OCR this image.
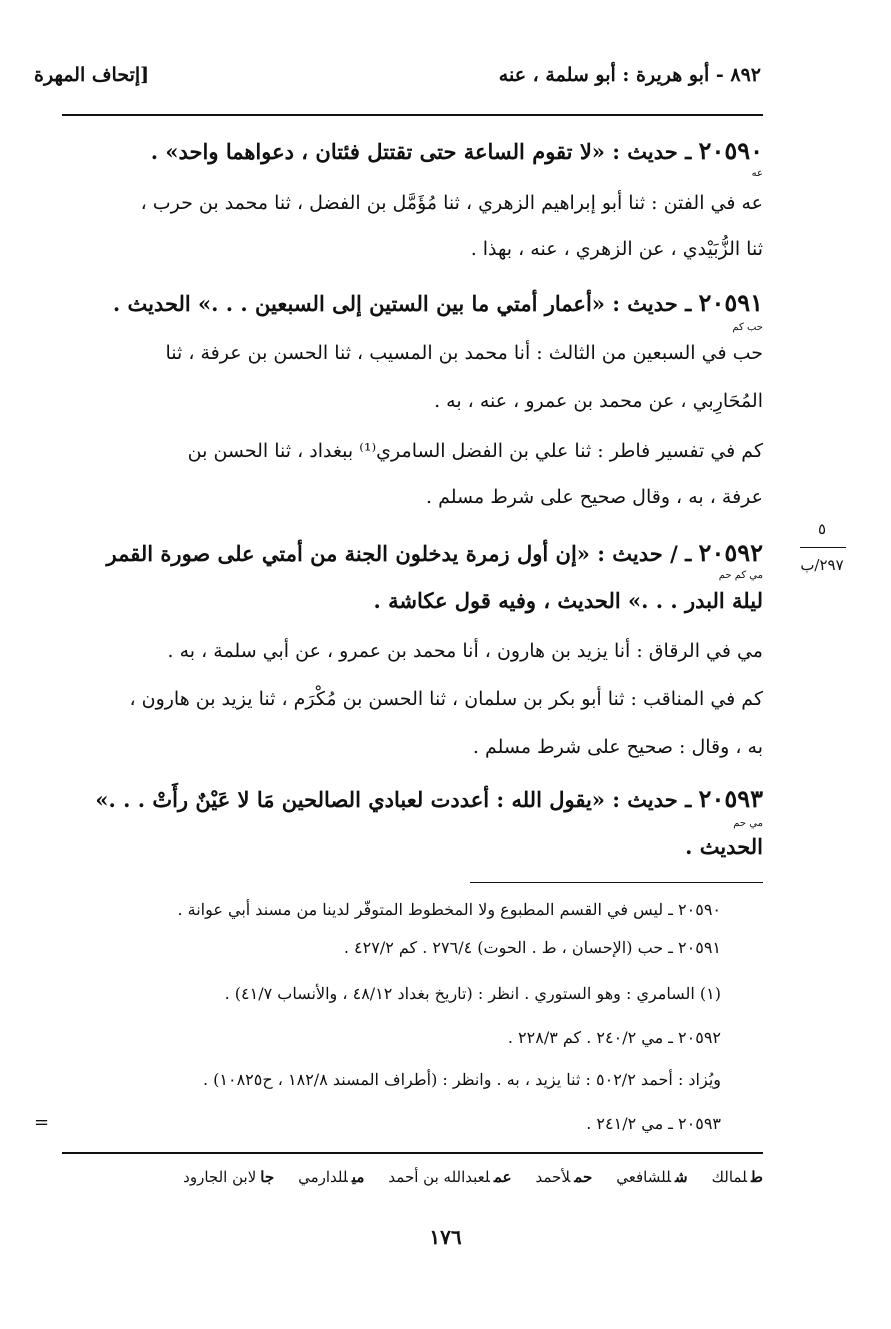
٨٩٢ - أبو هريرة : أبو سلمة ، عنه
[إتحاف المهرة
٢٠٥٩٠ ـ حديث : «لا تقوم الساعة حتى تقتتل فئتان ، دعواهما واحد» .
عه
عه في الفتن : ثنا أبو إبراهيم الزهري ، ثنا مُؤَمَّل بن الفضل ، ثنا محمد بن حرب ،
ثنا الزُّبَيْدي ، عن الزهري ، عنه ، بهذا .
٢٠٥٩١ ـ حديث : «أعمار أمتي ما بين الستين إلى السبعين . . .» الحديث .
حب كم
حب في السبعين من الثالث : أنا محمد بن المسيب ، ثنا الحسن بن عرفة ، ثنا
المُحَارِبي ، عن محمد بن عمرو ، عنه ، به .
كم في تفسير فاطر : ثنا علي بن الفضل السامري⁽¹⁾ ببغداد ، ثنا الحسن بن
عرفة ، به ، وقال صحيح على شرط مسلم .
٥
٢٩٧/ب
٢٠٥٩٢ ـ / حديث : «إن أول زمرة يدخلون الجنة من أمتي على صورة القمر
مي كم حم
ليلة البدر . . .» الحديث ، وفيه قول عكاشة .
مي في الرقاق : أنا يزيد بن هارون ، أنا محمد بن عمرو ، عن أبي سلمة ، به .
كم في المناقب : ثنا أبو بكر بن سلمان ، ثنا الحسن بن مُكْرَم ، ثنا يزيد بن هارون ،
به ، وقال : صحيح على شرط مسلم .
٢٠٥٩٣ ـ حديث : «يقول الله : أعددت لعبادي الصالحين مَا لا عَيْنٌ رأَتْ . . .»
مي حم
الحديث .
٢٠٥٩٠ ـ ليس في القسم المطبوع ولا المخطوط المتوفّر لدينا من مسند أبي عوانة .
٢٠٥٩١ ـ حب (الإحسان ، ط . الحوت) ٢٧٦/٤ . كم ٤٢٧/٢ .
(١) السامري : وهو الستوري . انظر : (تاريخ بغداد ٤٨/١٢ ، والأنساب ٤١/٧) .
٢٠٥٩٢ ـ مي ٢٤٠/٢ . كم ٢٢٨/٣ .
ويُزاد : أحمد ٥٠٢/٢ : ثنا يزيد ، به . وانظر : (أطراف المسند ١٨٢/٨ ، ح١٠٨٢٥) .
٢٠٥٩٣ ـ مي ٢٤١/٢ .
=
طلمالك
شللشافعي
حملأحمد
عملعبدالله بن أحمد
ميللدارمي
جالابن الجارود
١٧٦
